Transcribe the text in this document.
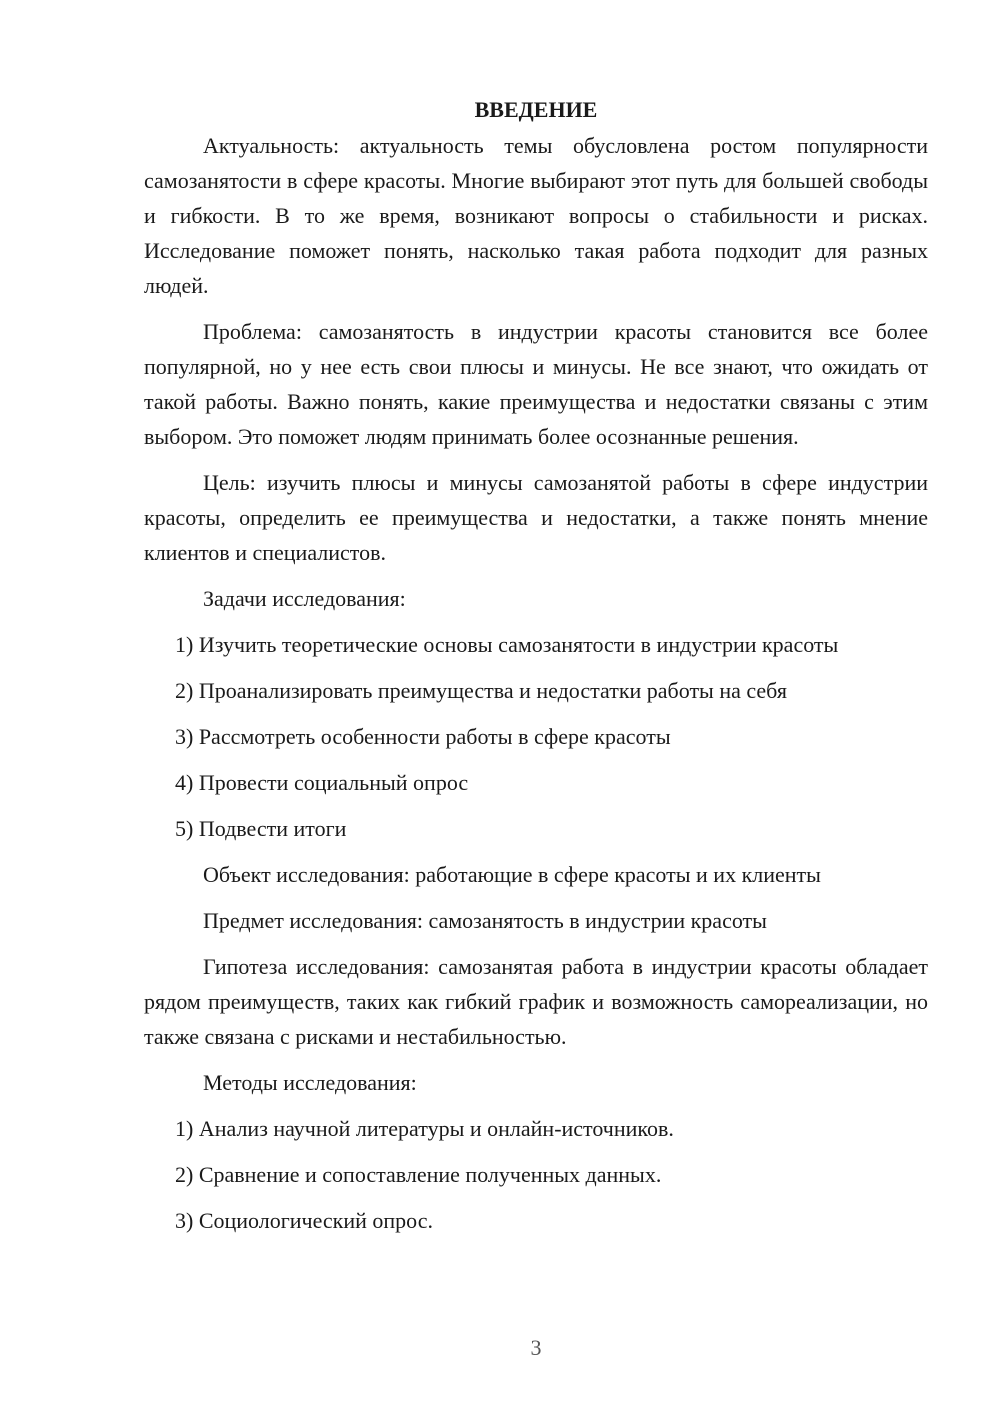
ВВЕДЕНИЕ

Актуальность: актуальность темы обусловлена ростом популярности самозанятости в сфере красоты. Многие выбирают этот путь для большей свободы и гибкости. В то же время, возникают вопросы о стабильности и рисках. Исследование поможет понять, насколько такая работа подходит для разных людей.

Проблема: самозанятость в индустрии красоты становится все более популярной, но у нее есть свои плюсы и минусы. Не все знают, что ожидать от такой работы. Важно понять, какие преимущества и недостатки связаны с этим выбором. Это поможет людям принимать более осознанные решения.

Цель: изучить плюсы и минусы самозанятой работы в сфере индустрии красоты, определить ее преимущества и недостатки, а также понять мнение клиентов и специалистов.

Задачи исследования:

1) Изучить теоретические основы самозанятости в индустрии красоты

2) Проанализировать преимущества и недостатки работы на себя

3) Рассмотреть особенности работы в сфере красоты

4) Провести социальный опрос

5) Подвести итоги

Объект исследования: работающие в сфере красоты и их клиенты

Предмет исследования: самозанятость в индустрии красоты

Гипотеза исследования: самозанятая работа в индустрии красоты обладает рядом преимуществ, таких как гибкий график и возможность самореализации, но также связана с рисками и нестабильностью.

Методы исследования:

1) Анализ научной литературы и онлайн-источников.

2) Сравнение и сопоставление полученных данных.

3) Социологический опрос.

3
